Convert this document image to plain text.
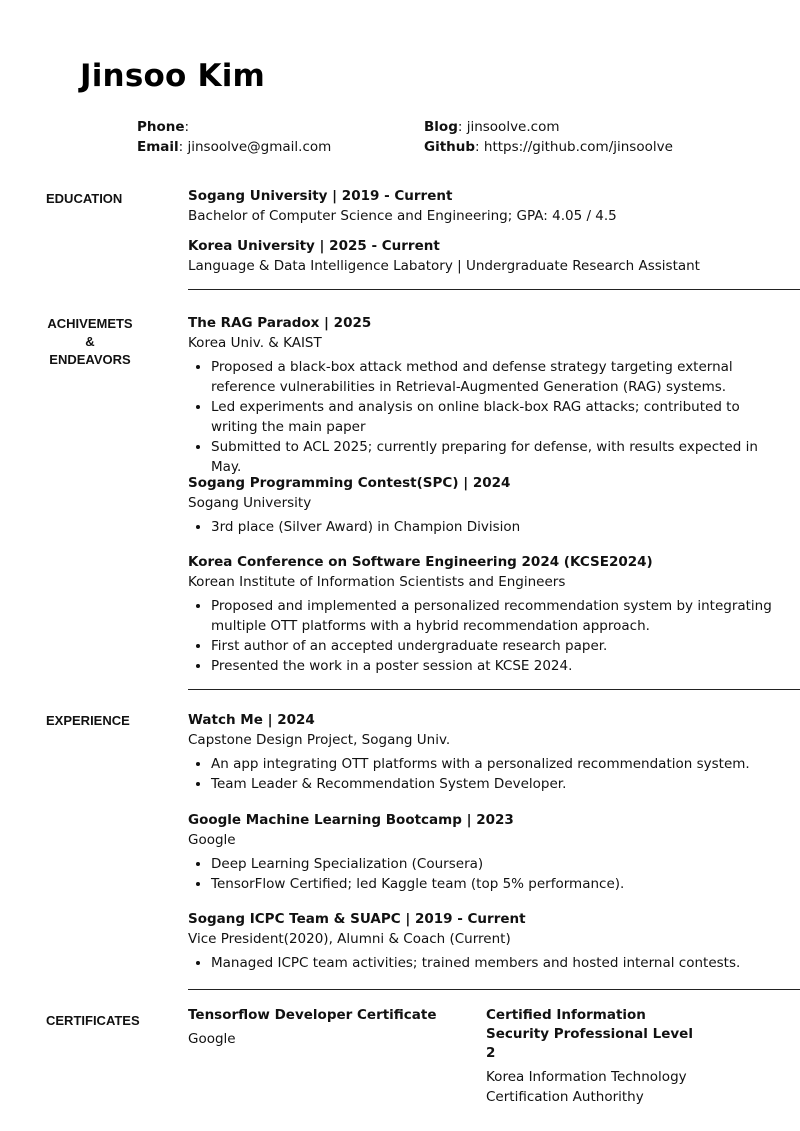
Jinsoo Kim
Phone:
Email: jinsoolve@gmail.com
Blog: jinsoolve.com
Github: https://github.com/jinsoolve
EDUCATION	Sogang University | 2019 - Current

Bachelor of Computer Science and Engineering; GPA: 4.05 / 4.5

Korea University | 2025 - Current

Language & Data Intelligence Labatory | Undergraduate Research Assistant

ACHIVEMETS
&
ENDEAVORS

The RAG Paradox | 2025

Korea Univ. & KAIST

• Proposed a black-box attack method and defense strategy targeting external reference vulnerabilities in Retrieval-Augmented Generation (RAG) systems.
• Led experiments and analysis on online black-box RAG attacks; contributed to writing the main paper
• Submitted to ACL 2025; currently preparing for defense, with results expected in May.

Sogang Programming Contest(SPC) | 2024

Sogang University

• 3rd place (Silver Award) in Champion Division

Korea Conference on Software Engineering 2024 (KCSE2024)

Korean Institute of Information Scientists and Engineers

• Proposed and implemented a personalized recommendation system by integrating multiple OTT platforms with a hybrid recommendation approach.
• First author of an accepted undergraduate research paper.
• Presented the work in a poster session at KCSE 2024.
EXPERIENCE	Watch Me | 2024

Capstone Design Project, Sogang Univ.

• An app integrating OTT platforms with a personalized recommendation system.
• Team Leader & Recommendation System Developer.

Google Machine Learning Bootcamp | 2023

Google

• Deep Learning Specialization (Coursera)
• TensorFlow Certified; led Kaggle team (top 5% performance).

Sogang ICPC Team & SUAPC | 2019 - Current

Vice President(2020), Alumni & Coach (Current)

• Managed ICPC team activities; trained members and hosted internal contests.
CERTIFICATES	Tensorflow Developer Certificate

Google

Certified Information Security Professional Level 2

Korea Information Technology Certification Authorithy
